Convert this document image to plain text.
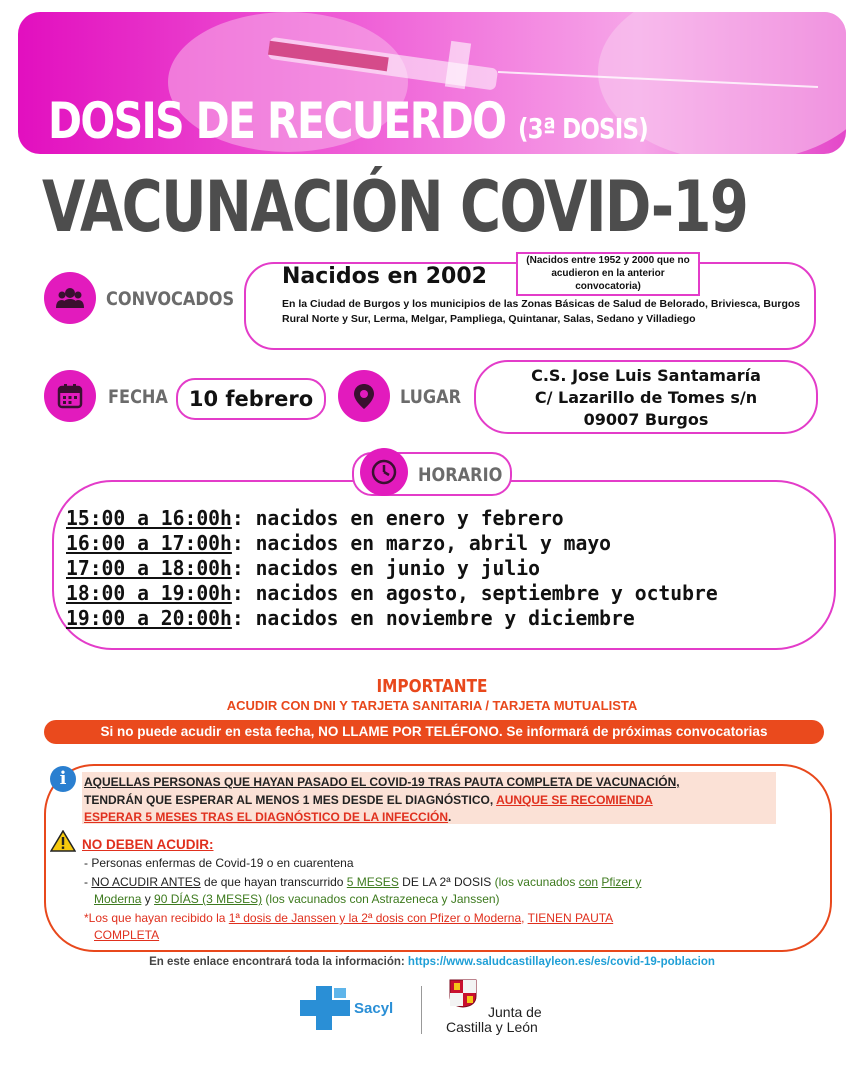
DOSIS DE RECUERDO (3ª DOSIS)
VACUNACIÓN COVID-19
CONVOCADOS
Nacidos en 2002
(Nacidos entre 1952 y 2000 que no acudieron en la anterior convocatoria)
En la Ciudad de Burgos y los municipios de las Zonas Básicas de Salud de Belorado, Briviesca, Burgos Rural Norte y Sur, Lerma, Melgar, Pampliega, Quintanar, Salas, Sedano y Villadiego
FECHA 10 febrero	LUGAR
C.S. Jose Luis Santamaría
C/ Lazarillo de Tomes s/n
09007 Burgos
HORARIO
15:00 a 16:00h: nacidos en enero y febrero
16:00 a 17:00h: nacidos en marzo, abril y mayo
17:00 a 18:00h: nacidos en junio y julio
18:00 a 19:00h: nacidos en agosto, septiembre y octubre
19:00 a 20:00h: nacidos en noviembre y diciembre
IMPORTANTE
ACUDIR CON DNI Y TARJETA SANITARIA / TARJETA MUTUALISTA
Si no puede acudir en esta fecha, NO LLAME POR TELÉFONO. Se informará de próximas convocatorias
i	AQUELLAS PERSONAS QUE HAYAN PASADO EL COVID-19 TRAS PAUTA COMPLETA DE VACUNACIÓN,
TENDRÁN QUE ESPERAR AL MENOS 1 MES DESDE EL DIAGNÓSTICO, AUNQUE SE RECOMIENDA
ESPERAR 5 MESES TRAS EL DIAGNÓSTICO DE LA INFECCIÓN.
NO DEBEN ACUDIR:
- Personas enfermas de Covid-19 o en cuarentena
- NO ACUDIR ANTES de que hayan transcurrido 5 MESES DE LA 2ª DOSIS (los vacunados con Pfizer y
Moderna y 90 DÍAS (3 MESES) (los vacunados con Astrazeneca y Janssen)
*Los que hayan recibido la 1ª dosis de Janssen y la 2ª dosis con Pfizer o Moderna, TIENEN PAUTA
COMPLETA
En este enlace encontrará toda la información: https://www.saludcastillayleon.es/es/covid-19-poblacion
Sacyl	Junta de
Castilla y León
